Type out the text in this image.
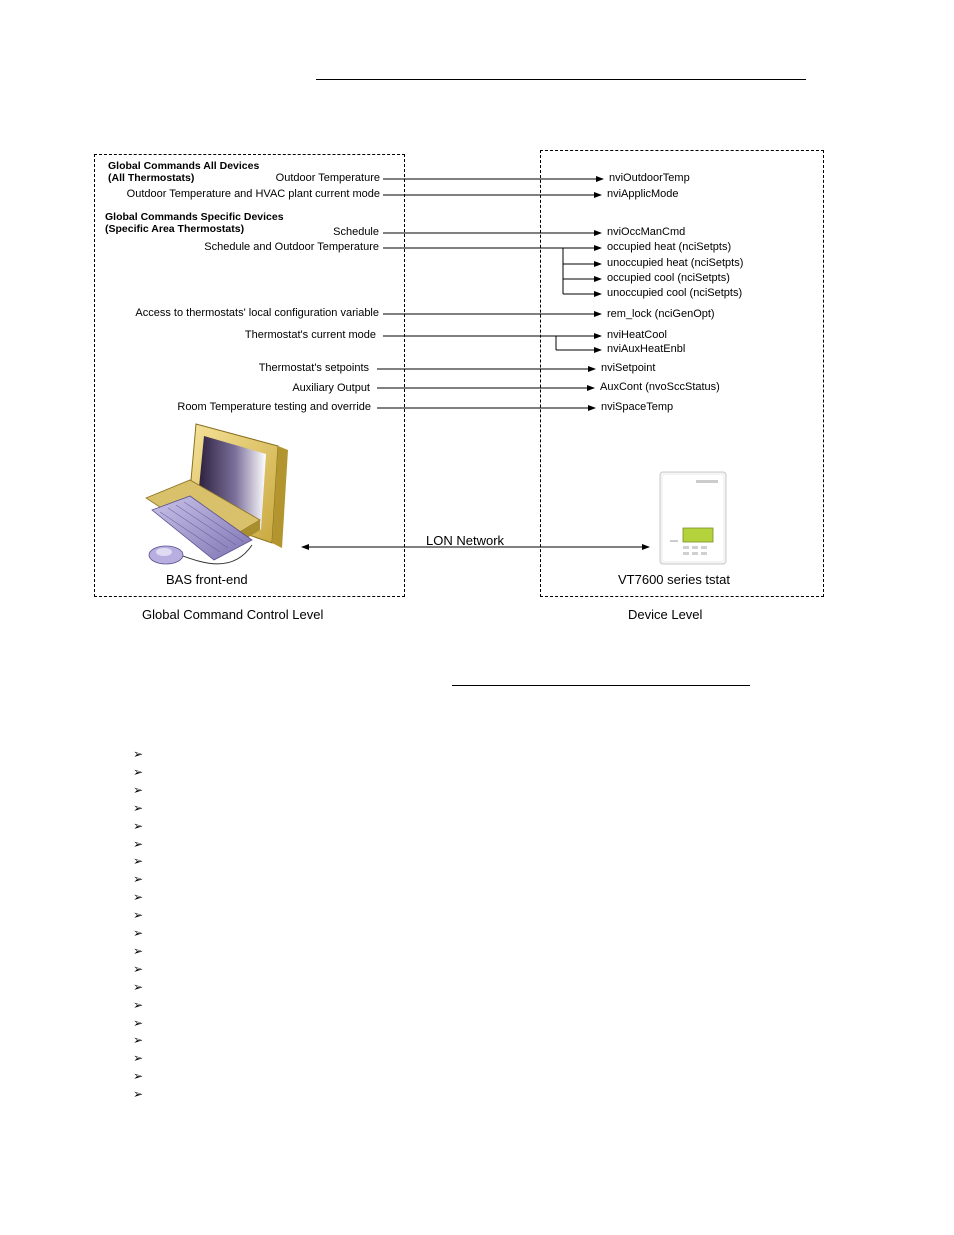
Global Commands All Devices
(All Thermostats)
Global Commands Specific Devices
(Specific Area Thermostats)
Outdoor Temperature
Outdoor Temperature and HVAC plant current mode
Schedule
Schedule and Outdoor Temperature
Access to thermostats' local configuration variable
Thermostat's current mode
Thermostat's setpoints
Auxiliary Output
Room Temperature testing and override
nviOutdoorTemp
nviApplicMode
nviOccManCmd
occupied heat (nciSetpts)
unoccupied heat (nciSetpts)
occupied cool (nciSetpts)
unoccupied cool (nciSetpts)
rem_lock (nciGenOpt)
nviHeatCool
nviAuxHeatEnbl
nviSetpoint
AuxCont (nvoSccStatus)
nviSpaceTemp
LON Network
BAS front-end	VT7600 series tstat
Global Command Control Level	Device Level
➢
➢
➢
➢
➢
➢
➢
➢
➢
➢
➢
➢
➢
➢
➢
➢
➢
➢
➢
➢
